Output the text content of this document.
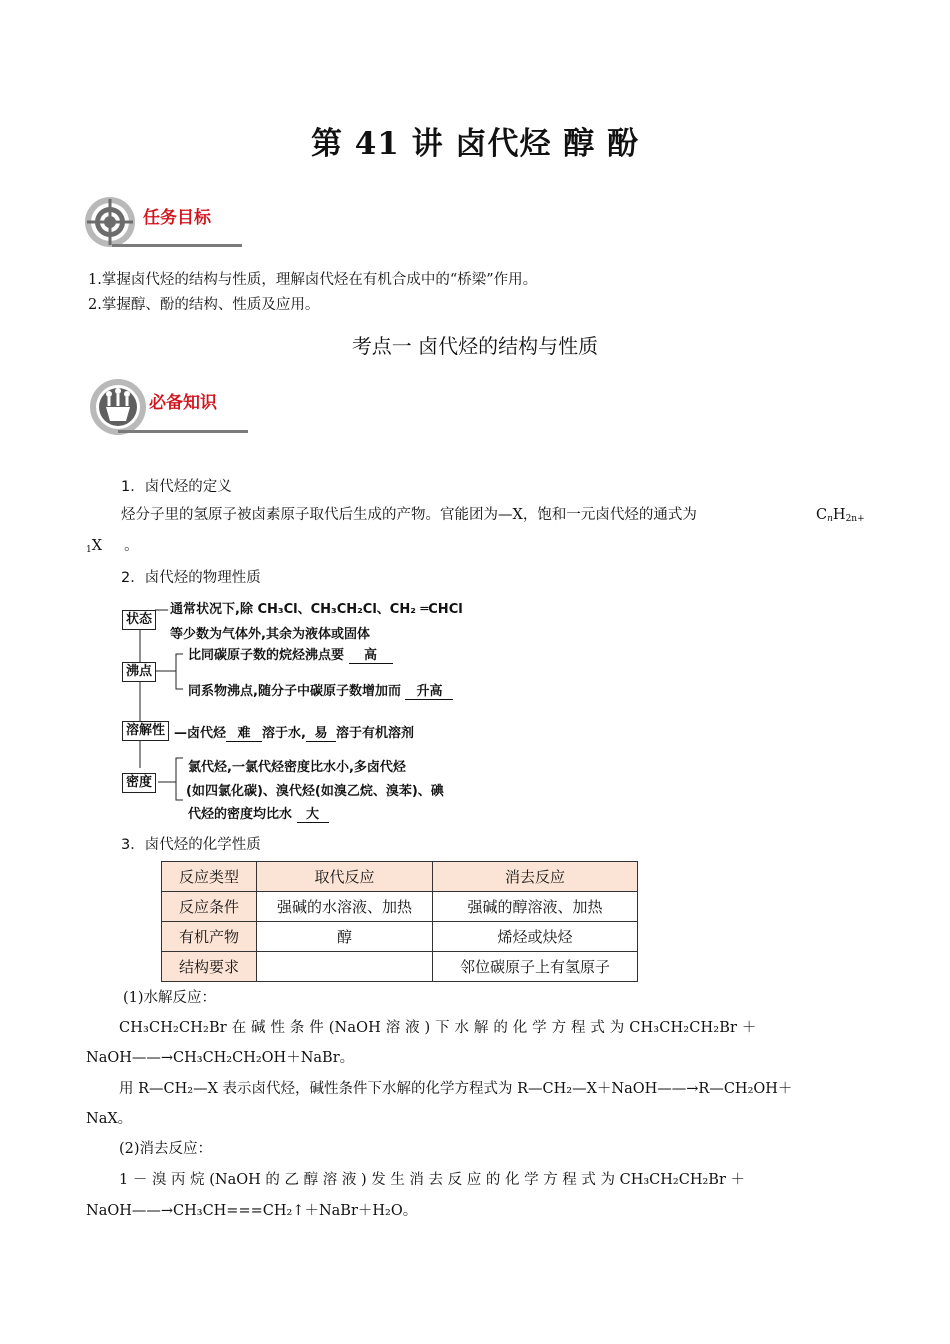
第 41 讲 卤代烃 醇 酚
任务目标
1.掌握卤代烃的结构与性质，理解卤代烃在有机合成中的“桥梁”作用。
2.掌握醇、酚的结构、性质及应用。
考点一 卤代烃的结构与性质
必备知识
1．卤代烃的定义
烃分子里的氢原子被卤素原子取代后生成的产物。官能团为—X，饱和一元卤代烃的通式为	$C_nH_{2n+}$
$_1$X 。
2．卤代烃的物理性质
状态
通常状况下,除 CH₃Cl、CH₃CH₂Cl、CH₂ ═CHCl
等少数为气体外,其余为液体或固体
沸点
比同碳原子数的烷烃沸点要 高
同系物沸点,随分子中碳原子数增加而 升高
溶解性 —卤代烃 难 溶于水, 易 溶于有机溶剂
密度
氯代烃,一氯代烃密度比水小,多卤代烃
(如四氯化碳)、溴代烃(如溴乙烷、溴苯)、碘
代烃的密度均比水 大
3．卤代烃的化学性质
反应类型	取代反应	消去反应
反应条件	强碱的水溶液、加热	强碱的醇溶液、加热
有机产物	醇	烯烃或炔烃
结构要求		邻位碳原子上有氢原子
(1)水解反应：
CH₃CH₂CH₂Br 在 碱 性 条 件 (NaOH 溶 液 ) 下 水 解 的 化 学 方 程 式 为 CH₃CH₂CH₂Br ＋
NaOH——→CH₃CH₂CH₂OH＋NaBr。
用 R—CH₂—X 表示卤代烃，碱性条件下水解的化学方程式为 R—CH₂—X＋NaOH——→R—CH₂OH＋
NaX。
(2)消去反应：
1 － 溴 丙 烷 (NaOH 的 乙 醇 溶 液 ) 发 生 消 去 反 应 的 化 学 方 程 式 为 CH₃CH₂CH₂Br ＋
NaOH——→CH₃CH===CH₂↑＋NaBr＋H₂O。
